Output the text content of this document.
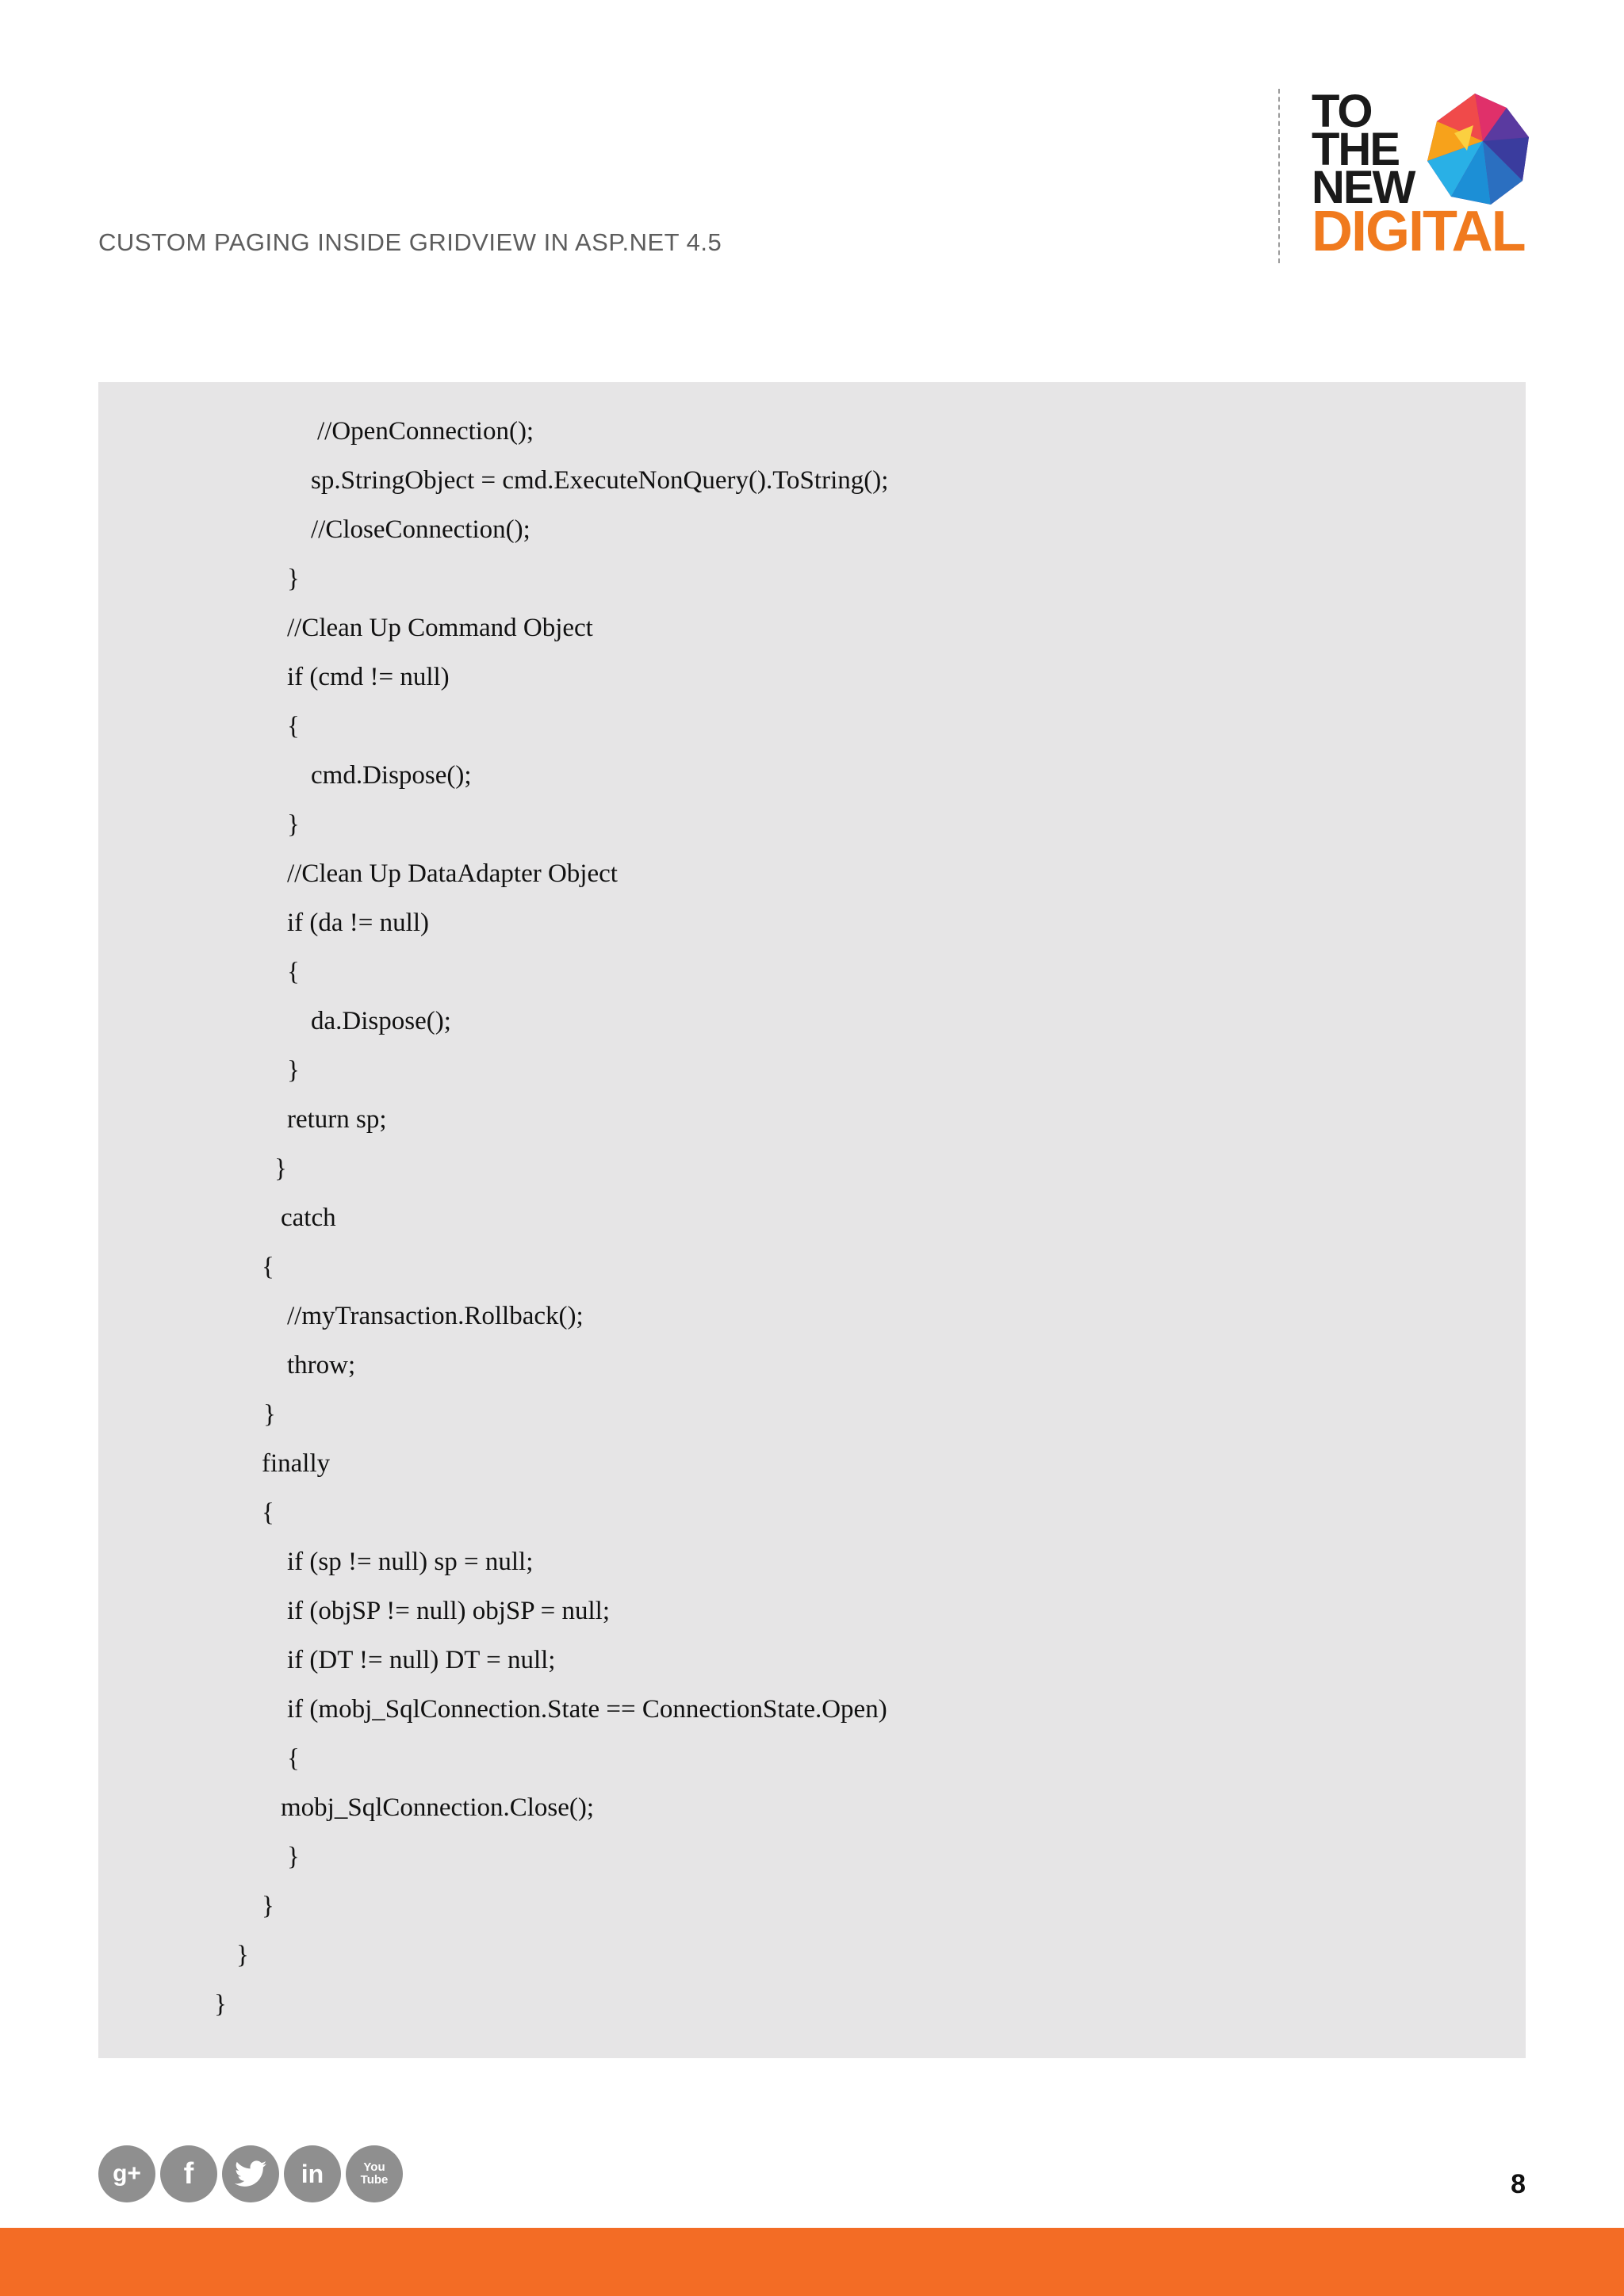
CUSTOM PAGING INSIDE GRIDVIEW IN ASP.NET 4.5
TO
THE
NEW
DIGITAL
//OpenConnection();
sp.StringObject = cmd.ExecuteNonQuery().ToString();
//CloseConnection();
}
//Clean Up Command Object
if (cmd != null)
{
cmd.Dispose();
}
//Clean Up DataAdapter Object
if (da != null)
{
da.Dispose();
}
return sp;
}
catch
{
//myTransaction.Rollback();
throw;
}
finally
{
if (sp != null) sp = null;
if (objSP != null) objSP = null;
if (DT != null) DT = null;
if (mobj_SqlConnection.State == ConnectionState.Open)
{
mobj_SqlConnection.Close();
}
}
}
}
g+ f	in	You Tube	8
